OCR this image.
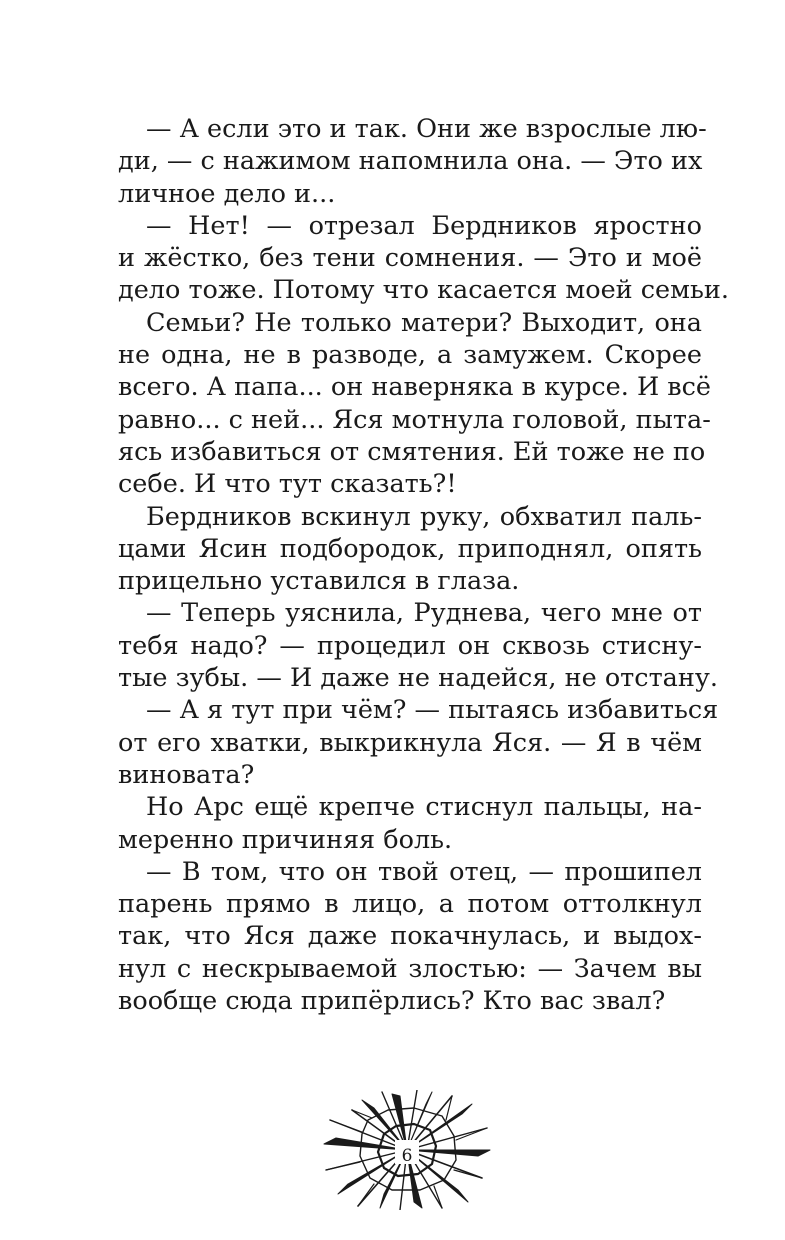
— А если это и так. Они же взрослые лю-
ди, — с нажимом напомнила она. — Это их
личное дело и...
— Нет! — отрезал Бердников яростно
и жёстко, без тени сомнения. — Это и моё
дело тоже. Потому что касается моей семьи.
Семьи? Не только матери? Выходит, она
не одна, не в разводе, а замужем. Скорее
всего. А папа... он наверняка в курсе. И всё
равно... с ней... Яся мотнула головой, пыта-
ясь избавиться от смятения. Ей тоже не по
себе. И что тут сказать?!
Бердников вскинул руку, обхватил паль-
цами Ясин подбородок, приподнял, опять
прицельно уставился в глаза.
— Теперь уяснила, Руднева, чего мне от
тебя надо? — процедил он сквозь стисну-
тые зубы. — И даже не надейся, не отстану.
— А я тут при чём? — пытаясь избавиться
от его хватки, выкрикнула Яся. — Я в чём
виновата?
Но Арс ещё крепче стиснул пальцы, на-
меренно причиняя боль.
— В том, что он твой отец, — прошипел
парень прямо в лицо, а потом оттолкнул
так, что Яся даже покачнулась, и выдох-
нул с нескрываемой злостью: — Зачем вы
вообще сюда припёрлись? Кто вас звал?
6
